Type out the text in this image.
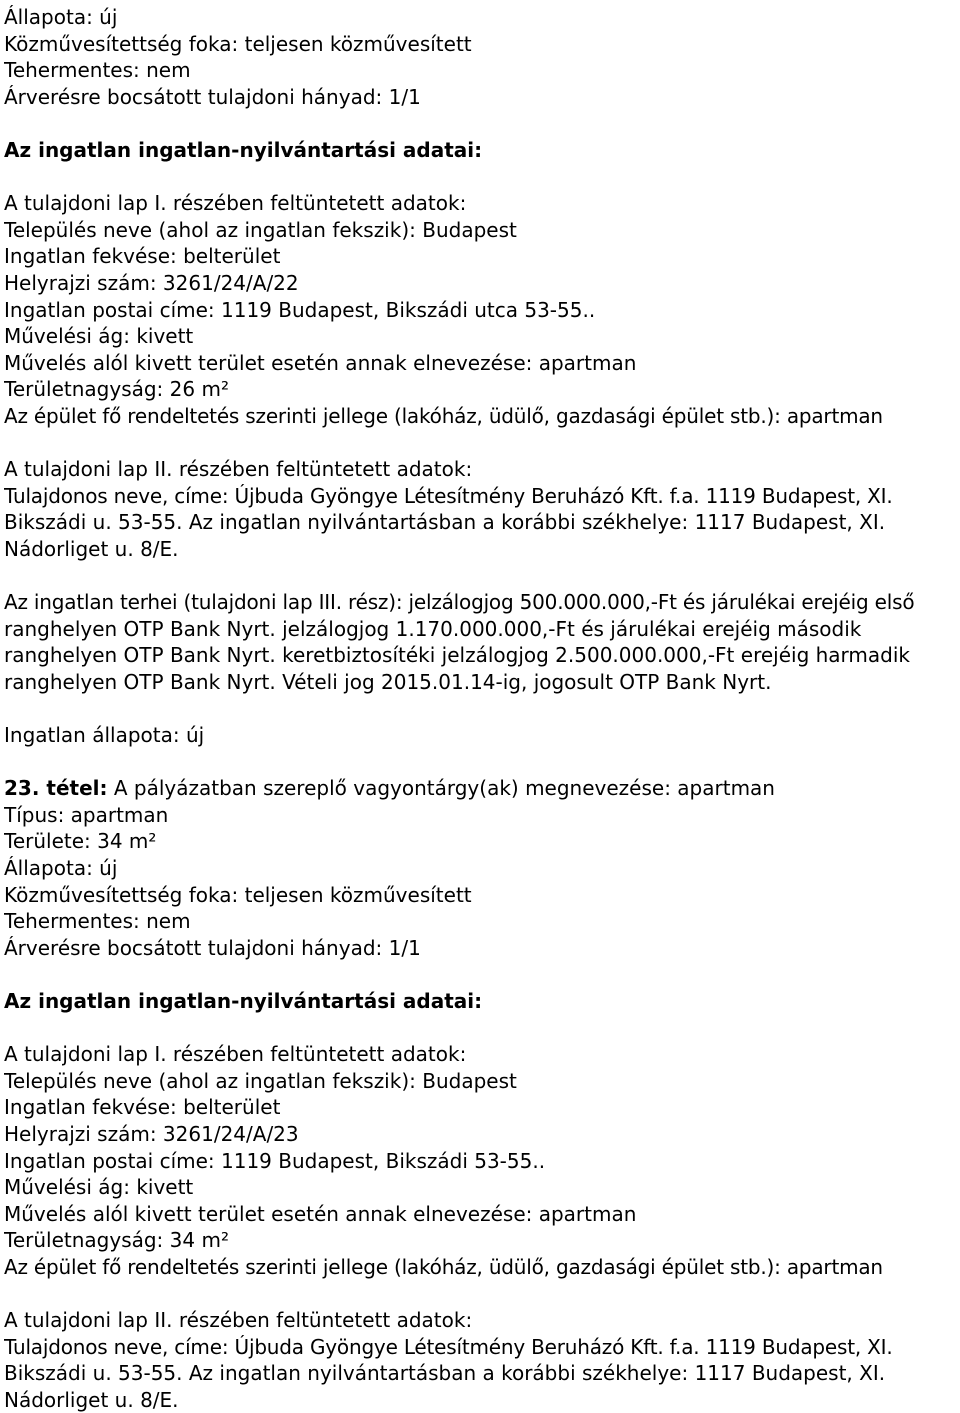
Állapota: új
Közművesítettség foka: teljesen közművesített
Tehermentes: nem
Árverésre bocsátott tulajdoni hányad: 1/1
Az ingatlan ingatlan-nyilvántartási adatai:
A tulajdoni lap I. részében feltüntetett adatok:
Település neve (ahol az ingatlan fekszik): Budapest
Ingatlan fekvése: belterület
Helyrajzi szám: 3261/24/A/22
Ingatlan postai címe: 1119 Budapest, Bikszádi utca 53-55..
Művelési ág: kivett
Művelés alól kivett terület esetén annak elnevezése: apartman
Területnagyság: 26 m²
Az épület fő rendeltetés szerinti jellege (lakóház, üdülő, gazdasági épület stb.): apartman
A tulajdoni lap II. részében feltüntetett adatok:
Tulajdonos neve, címe: Újbuda Gyöngye Létesítmény Beruházó Kft. f.a. 1119 Budapest, XI.
Bikszádi u. 53-55. Az ingatlan nyilvántartásban a korábbi székhelye: 1117 Budapest, XI.
Nádorliget u. 8/E.
Az ingatlan terhei (tulajdoni lap III. rész): jelzálogjog 500.000.000,-Ft és járulékai erejéig első
ranghelyen OTP Bank Nyrt. jelzálogjog 1.170.000.000,-Ft és járulékai erejéig második
ranghelyen OTP Bank Nyrt. keretbiztosítéki jelzálogjog 2.500.000.000,-Ft erejéig harmadik
ranghelyen OTP Bank Nyrt. Vételi jog 2015.01.14-ig, jogosult OTP Bank Nyrt.
Ingatlan állapota: új
23. tétel: A pályázatban szereplő vagyontárgy(ak) megnevezése: apartman
Típus: apartman
Területe: 34 m²
Állapota: új
Közművesítettség foka: teljesen közművesített
Tehermentes: nem
Árverésre bocsátott tulajdoni hányad: 1/1
Az ingatlan ingatlan-nyilvántartási adatai:
A tulajdoni lap I. részében feltüntetett adatok:
Település neve (ahol az ingatlan fekszik): Budapest
Ingatlan fekvése: belterület
Helyrajzi szám: 3261/24/A/23
Ingatlan postai címe: 1119 Budapest, Bikszádi 53-55..
Művelési ág: kivett
Művelés alól kivett terület esetén annak elnevezése: apartman
Területnagyság: 34 m²
Az épület fő rendeltetés szerinti jellege (lakóház, üdülő, gazdasági épület stb.): apartman
A tulajdoni lap II. részében feltüntetett adatok:
Tulajdonos neve, címe: Újbuda Gyöngye Létesítmény Beruházó Kft. f.a. 1119 Budapest, XI.
Bikszádi u. 53-55. Az ingatlan nyilvántartásban a korábbi székhelye: 1117 Budapest, XI.
Nádorliget u. 8/E.
